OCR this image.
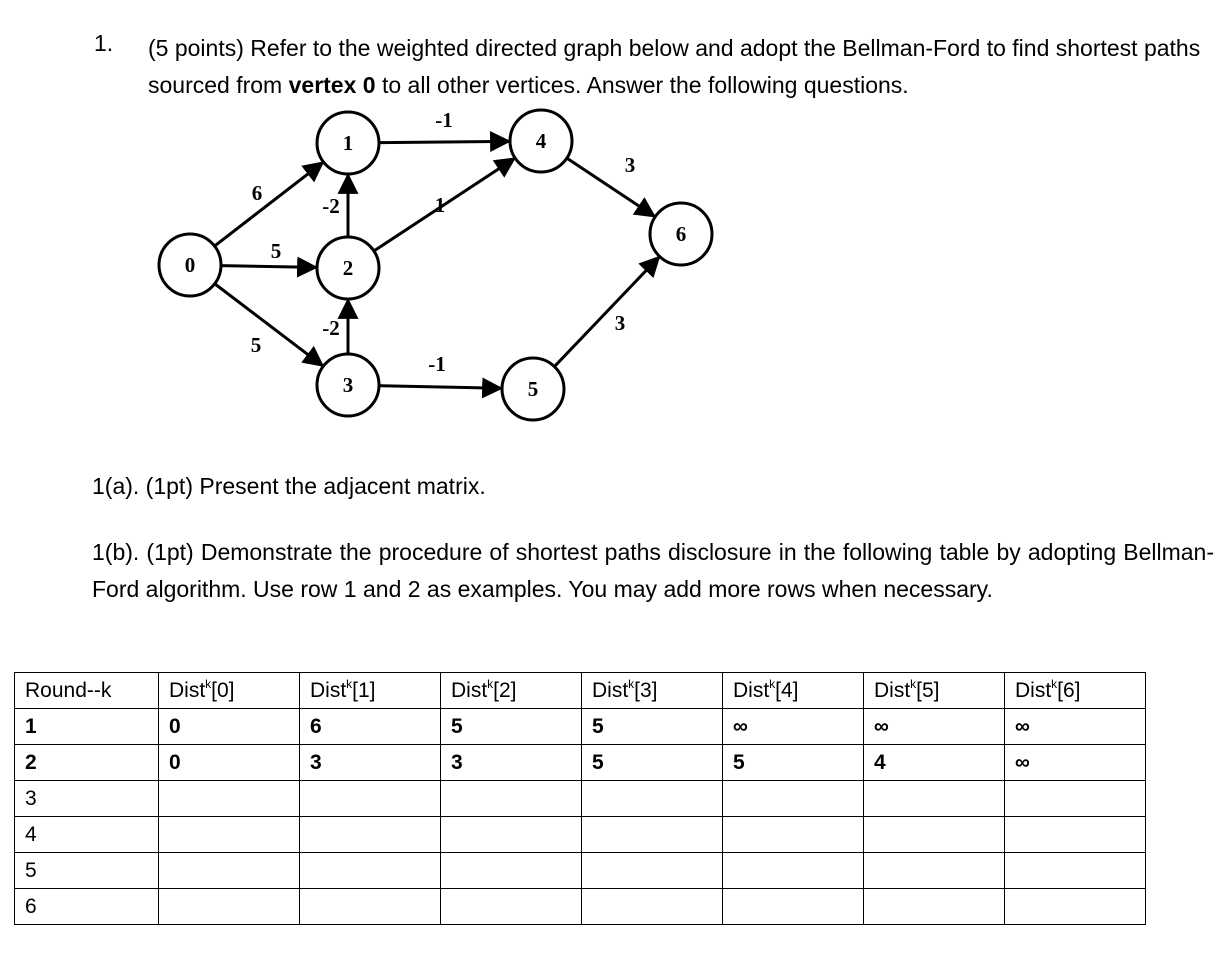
1. (5 points) Refer to the weighted directed graph below and adopt the Bellman-Ford to find shortest paths sourced from vertex 0 to all other vertices. Answer the following questions.
6
5
5
-2
-2
-1
1
-1
3
3
0
1
2
3
4
5
6
1(a). (1pt) Present the adjacent matrix.
1(b). (1pt) Demonstrate the procedure of shortest paths disclosure in the following table by adopting Bellman-Ford algorithm. Use row 1 and 2 as examples. You may add more rows when necessary.
Round--k	Dist$^k$[0]	Dist$^k$[1]	Dist$^k$[2]	Dist$^k$[3]	Dist$^k$[4]	Dist$^k$[5]	Dist$^k$[6]
1	0	6	5	5	∞	∞	∞
2	0	3	3	5	5	4	∞
3							
4							
5							
6							
